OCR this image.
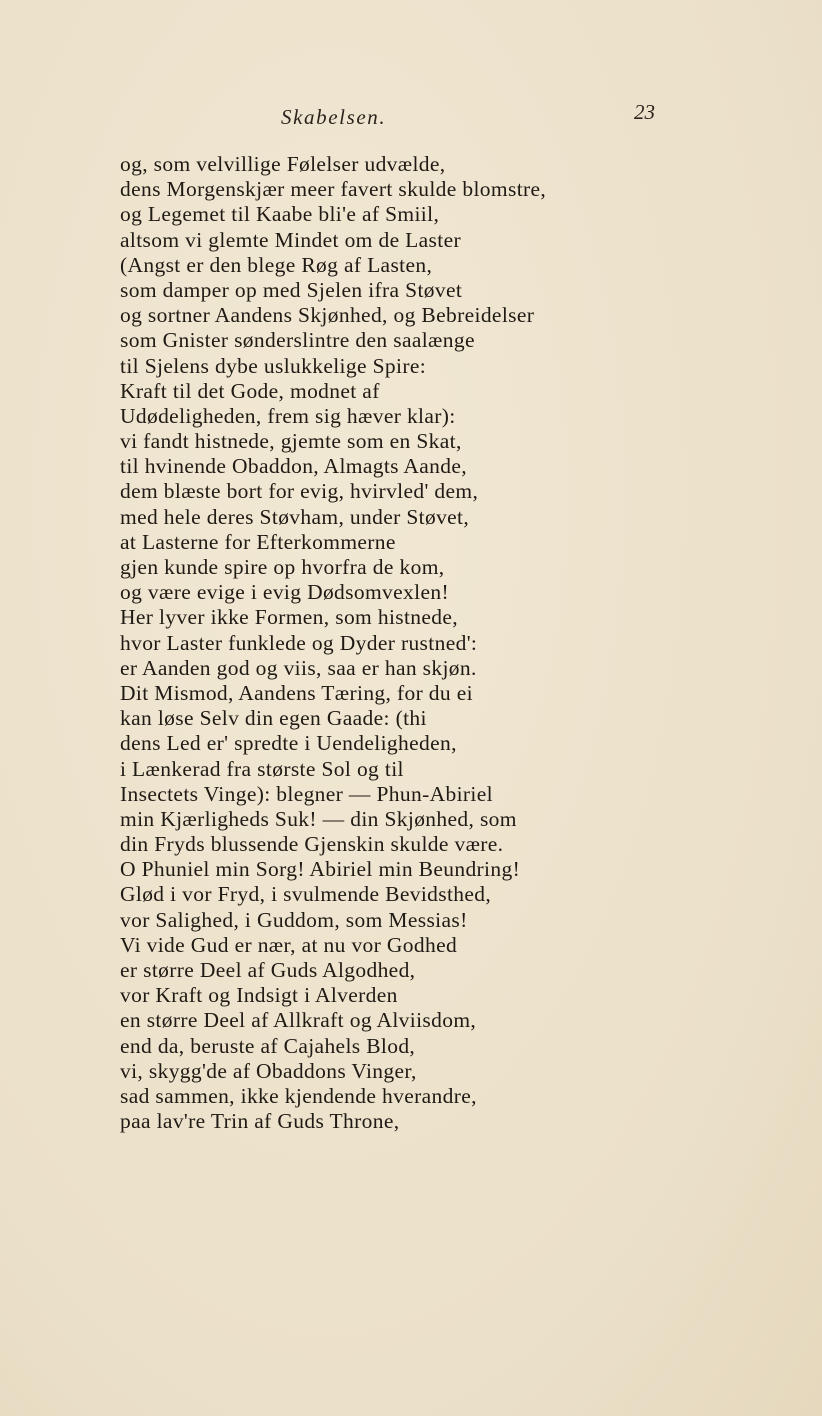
Skabelsen.	23
og, som velvillige Følelser udvælde,
dens Morgenskjær meer favert skulde blomstre,
og Legemet til Kaabe bli'e af Smiil,
altsom vi glemte Mindet om de Laster
(Angst er den blege Røg af Lasten,
som damper op med Sjelen ifra Støvet
og sortner Aandens Skjønhed, og Bebreidelser
som Gnister sønderslintre den saalænge
til Sjelens dybe uslukkelige Spire:
Kraft til det Gode, modnet af
Udødeligheden, frem sig hæver klar):
vi fandt histnede, gjemte som en Skat,
til hvinende Obaddon, Almagts Aande,
dem blæste bort for evig, hvirvled' dem,
med hele deres Støvham, under Støvet,
at Lasterne for Efterkommerne
gjen kunde spire op hvorfra de kom,
og være evige i evig Dødsomvexlen!
Her lyver ikke Formen, som histnede,
hvor Laster funklede og Dyder rustned':
er Aanden god og viis, saa er han skjøn.
Dit Mismod, Aandens Tæring, for du ei
kan løse Selv din egen Gaade: (thi
dens Led er' spredte i Uendeligheden,
i Lænkerad fra største Sol og til
Insectets Vinge): blegner — Phun-Abiriel
min Kjærligheds Suk! — din Skjønhed, som
din Fryds blussende Gjenskin skulde være.
O Phuniel min Sorg! Abiriel min Beundring!
Glød i vor Fryd, i svulmende Bevidsthed,
vor Salighed, i Guddom, som Messias!
Vi vide Gud er nær, at nu vor Godhed
er større Deel af Guds Algodhed,
vor Kraft og Indsigt i Alverden
en større Deel af Allkraft og Alviisdom,
end da, beruste af Cajahels Blod,
vi, skygg'de af Obaddons Vinger,
sad sammen, ikke kjendende hverandre,
paa lav're Trin af Guds Throne,
